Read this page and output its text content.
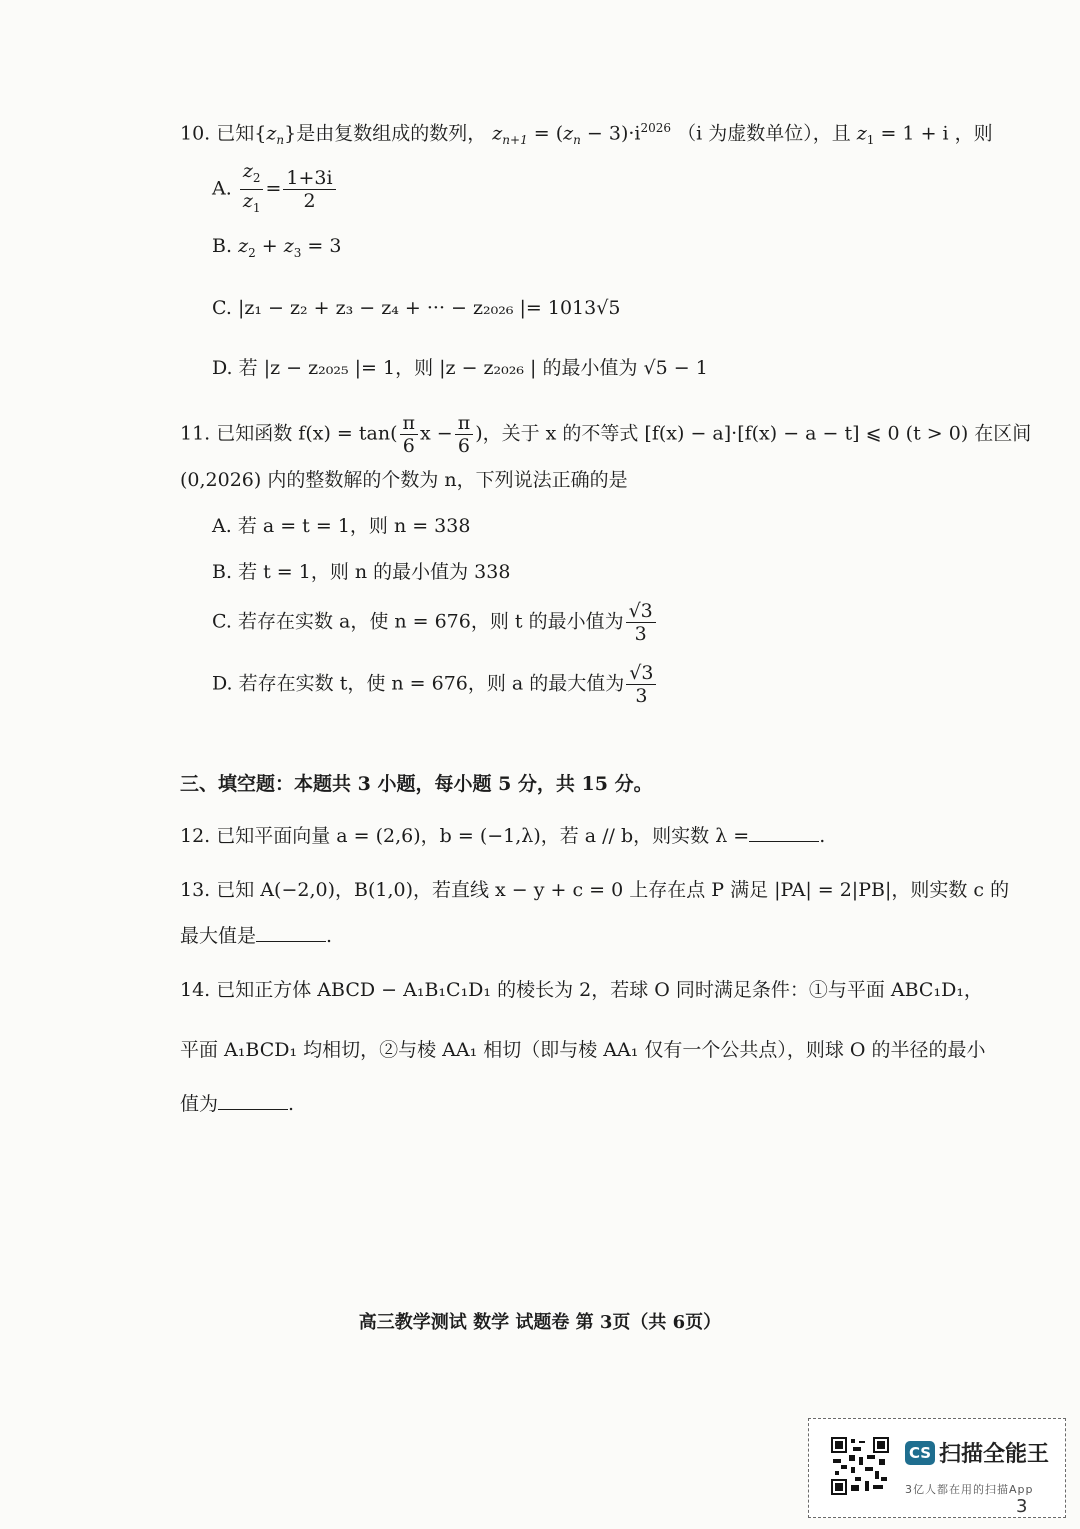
10. 已知$\{z_n\}$是由复数组成的数列， $z_{n+1} = (z_n - 3)\cdot i^{2026}$ （i 为虚数单位），且 $z_1 = 1 + i$ ，则
A. $\frac{z_2}{z_1} = \frac{1+3i}{2}$
B. $z_2 + z_3 = 3$
C. |z₁ − z₂ + z₃ − z₄ + ··· − z₂₀₂₆ |= 1013√5
D. 若 |z − z₂₀₂₅ |= 1，则 |z − z₂₀₂₆ | 的最小值为 √5 − 1
11. 已知函数 $f(x) = \tan( \frac{\pi}{6}$ $x - \frac{\pi}{6}$ )，关于 x 的不等式 [f(x) − a]·[f(x) − a − t] ⩽ 0 (t > 0) 在区间
(0,2026) 内的整数解的个数为 n，下列说法正确的是
A. 若 a = t = 1，则 n = 338
B. 若 t = 1，则 n 的最小值为 338
C. 若存在实数 a，使 n = 676，则 t 的最小值为 $\frac{√3}{3}$
D. 若存在实数 t，使 n = 676，则 a 的最大值为 $\frac{√3}{3}$
三、填空题：本题共 3 小题，每小题 5 分，共 15 分。
12. 已知平面向量 a = (2,6)，b = (−1,λ)，若 a // b，则实数 λ =	.
13. 已知 A(−2,0)，B(1,0)，若直线 x − y + c = 0 上存在点 P 满足 |PA| = 2|PB|，则实数 c 的
最大值是	.
14. 已知正方体 ABCD − A₁B₁C₁D₁ 的棱长为 2，若球 O 同时满足条件：①与平面 ABC₁D₁，
平面 A₁BCD₁ 均相切，②与棱 AA₁ 相切（即与棱 AA₁ 仅有一个公共点），则球 O 的半径的最小
值为	.
高三教学测试 数学 试题卷 第 3页（共 6页）
CS 扫描全能王
3亿人都在用的扫描App
3
